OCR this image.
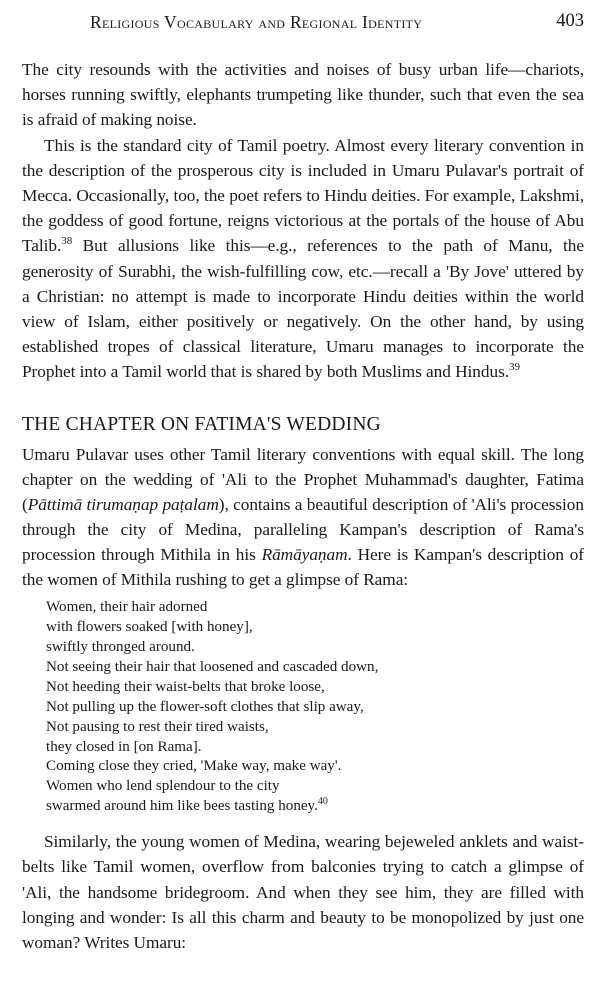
Religious Vocabulary and Regional Identity	403

The city resounds with the activities and noises of busy urban life—chariots, horses running swiftly, elephants trumpeting like thunder, such that even the sea is afraid of making noise.

This is the standard city of Tamil poetry. Almost every literary convention in the description of the prosperous city is included in Umaru Pulavar's portrait of Mecca. Occasionally, too, the poet refers to Hindu deities. For example, Lakshmi, the goddess of good fortune, reigns victorious at the portals of the house of Abu Talib.$^{38}$ But allusions like this—e.g., references to the path of Manu, the generosity of Surabhi, the wish-fulfilling cow, etc.—recall a 'By Jove' uttered by a Christian: no attempt is made to incorporate Hindu deities within the world view of Islam, either positively or negatively. On the other hand, by using established tropes of classical literature, Umaru manages to incorporate the Prophet into a Tamil world that is shared by both Muslims and Hindus.$^{39}$

THE CHAPTER ON FATIMA'S WEDDING

Umaru Pulavar uses other Tamil literary conventions with equal skill. The long chapter on the wedding of 'Ali to the Prophet Muhammad's daughter, Fatima (Pāttimā tirumaṇap paṭalam), contains a beautiful description of 'Ali's procession through the city of Medina, paralleling Kampan's description of Rama's procession through Mithila in his Rāmāyaṇam. Here is Kampan's description of the women of Mithila rushing to get a glimpse of Rama:

Women, their hair adorned
with flowers soaked [with honey],
swiftly thronged around.
Not seeing their hair that loosened and cascaded down,
Not heeding their waist-belts that broke loose,
Not pulling up the flower-soft clothes that slip away,
Not pausing to rest their tired waists,
they closed in [on Rama].
Coming close they cried, 'Make way, make way'.
Women who lend splendour to the city
swarmed around him like bees tasting honey.$^{40}$

Similarly, the young women of Medina, wearing bejeweled anklets and waist-belts like Tamil women, overflow from balconies trying to catch a glimpse of 'Ali, the handsome bridegroom. And when they see him, they are filled with longing and wonder: Is all this charm and beauty to be monopolized by just one woman? Writes Umaru:
